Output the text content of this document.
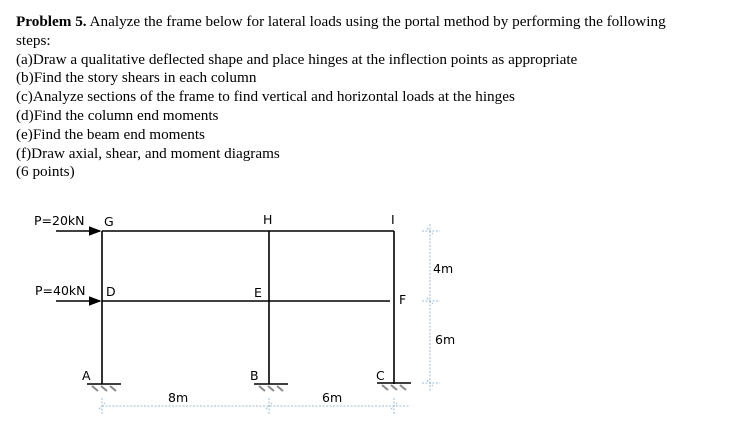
Problem 5. Analyze the frame below for lateral loads using the portal method by performing the following
steps:
(a)Draw a qualitative deflected shape and place hinges at the inflection points as appropriate
(b)Find the story shears in each column
(c)Analyze sections of the frame to find vertical and horizontal loads at the hinges
(d)Find the column end moments
(e)Find the beam end moments
(f)Draw axial, shear, and moment diagrams
(6 points)
P=20kN
P=40kN
G	H	I
D	E	F
A	B	C
8m	6m
4m
6m
